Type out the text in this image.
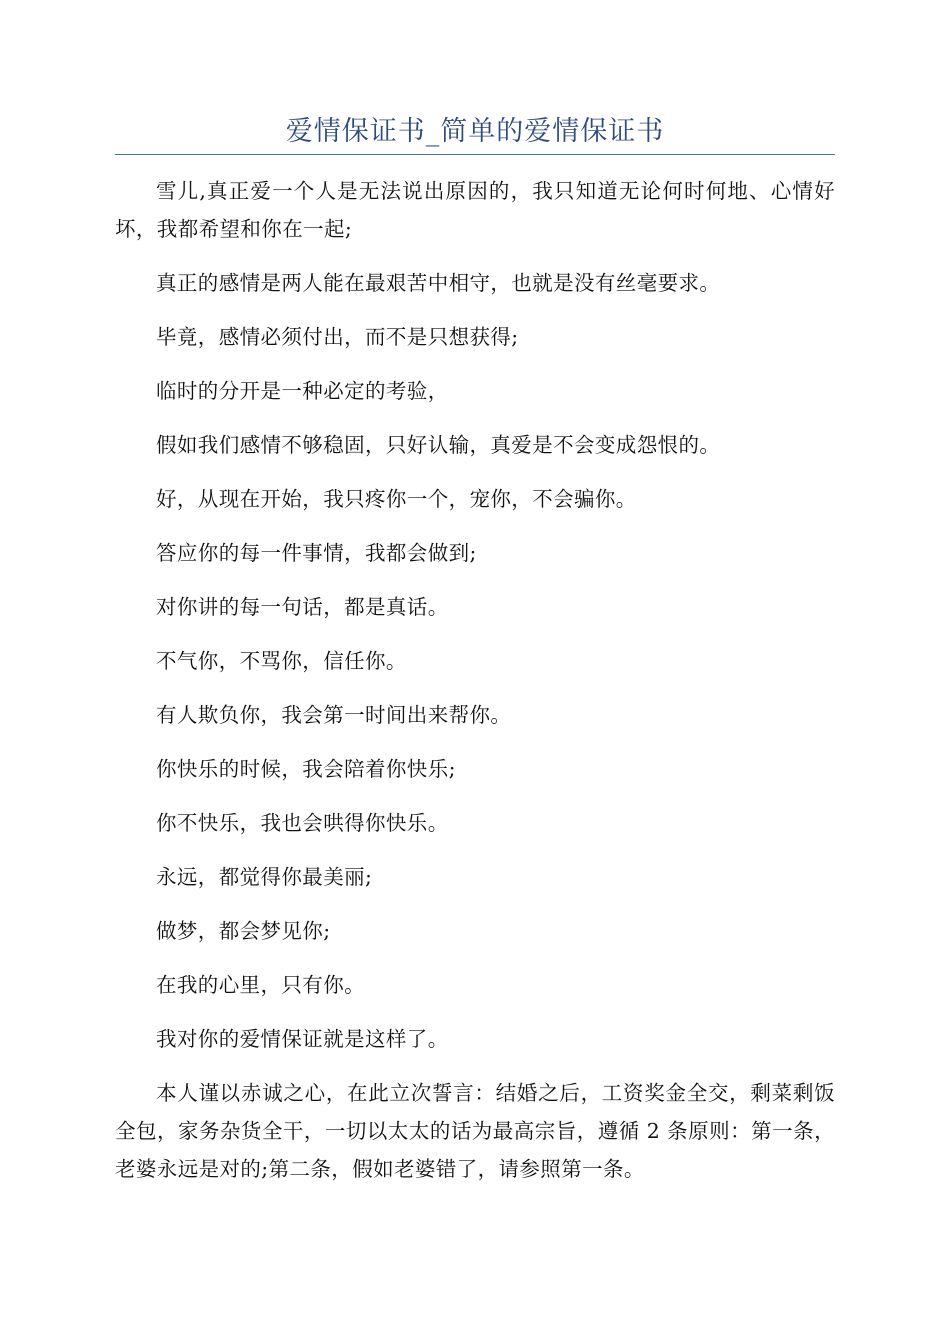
爱情保证书_简单的爱情保证书

雪儿,真正爱一个人是无法说出原因的，我只知道无论何时何地、心情好坏，我都希望和你在一起;

真正的感情是两人能在最艰苦中相守，也就是没有丝毫要求。

毕竟，感情必须付出，而不是只想获得;

临时的分开是一种必定的考验，

假如我们感情不够稳固，只好认输，真爱是不会变成怨恨的。

好，从现在开始，我只疼你一个，宠你，不会骗你。

答应你的每一件事情，我都会做到;

对你讲的每一句话，都是真话。

不气你，不骂你，信任你。

有人欺负你，我会第一时间出来帮你。

你快乐的时候，我会陪着你快乐;

你不快乐，我也会哄得你快乐。

永远，都觉得你最美丽;

做梦，都会梦见你;

在我的心里，只有你。

我对你的爱情保证就是这样了。

本人谨以赤诚之心，在此立次誓言：结婚之后，工资奖金全交，剩菜剩饭全包，家务杂货全干，一切以太太的话为最高宗旨，遵循 2 条原则：第一条，老婆永远是对的;第二条，假如老婆错了，请参照第一条。
